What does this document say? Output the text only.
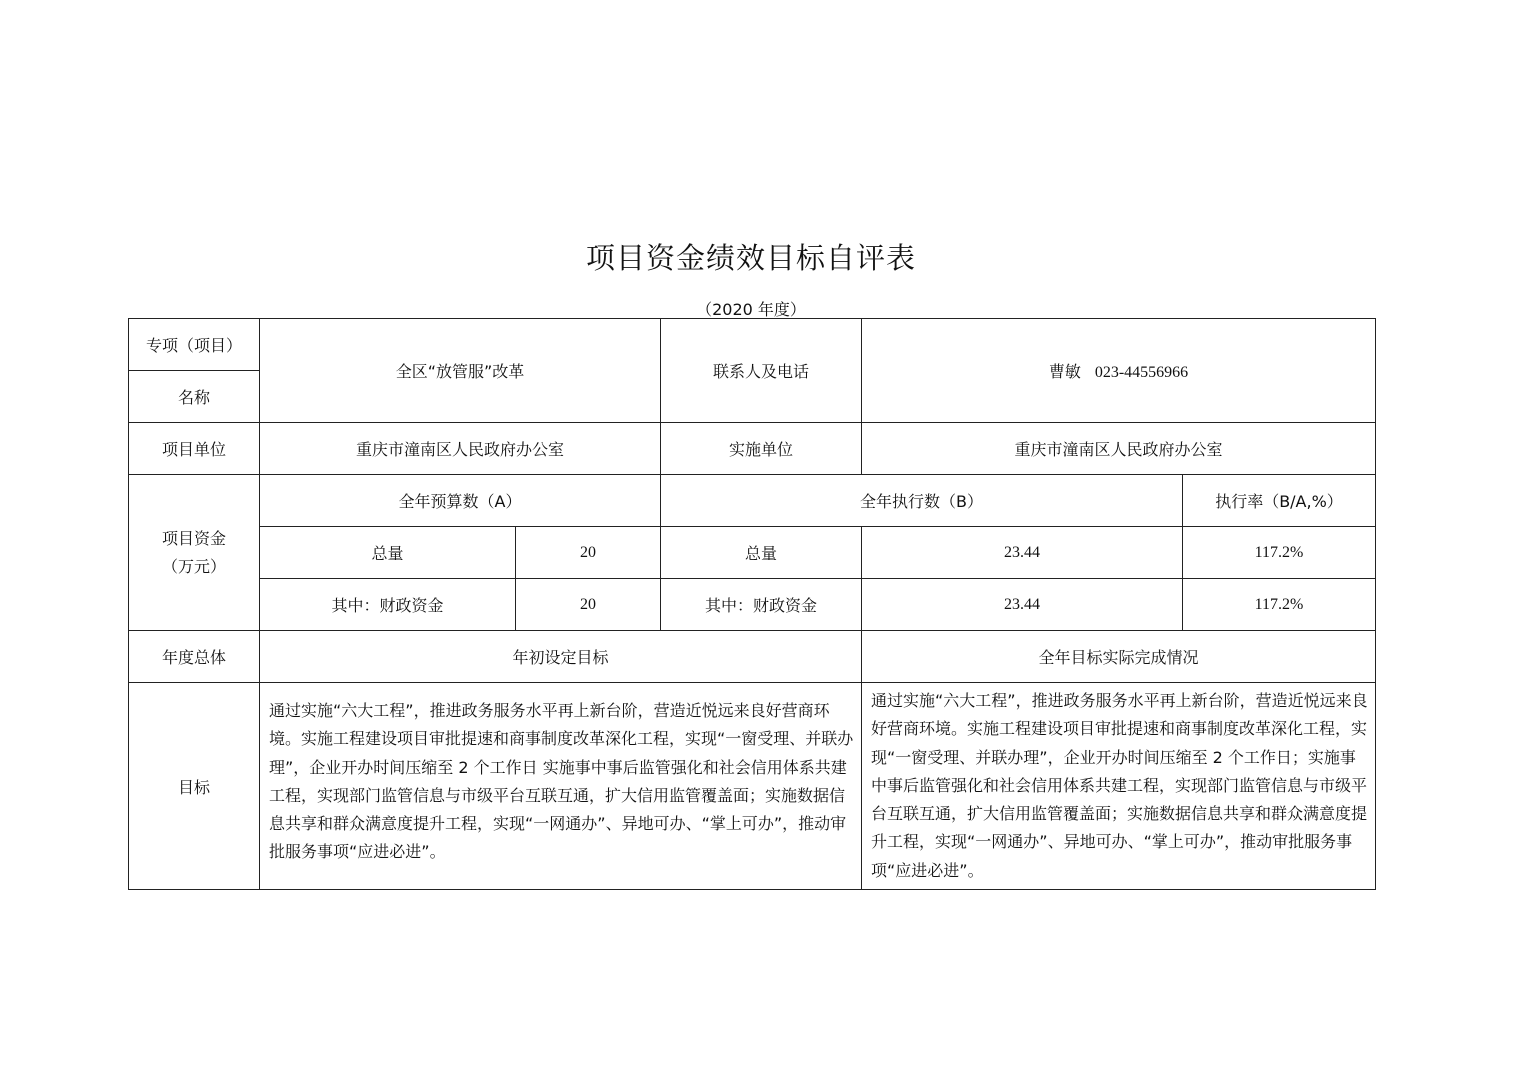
项目资金绩效目标自评表
（2020 年度）
专项（项目）	全区“放管服”改革		联系人及电话	曹敏 023-44556966	
名称					
项目单位	重庆市潼南区人民政府办公室		实施单位	重庆市潼南区人民政府办公室	
项目资金
（万元）	全年预算数（A）		全年执行数（B）		执行率（B/A,%）
	总量	20	总量	23.44	117.2%
	其中：财政资金	20	其中：财政资金	23.44	117.2%
年度总体	年初设定目标			全年目标实际完成情况	
目标	通过实施“六大工程”，推进政务服务水平再上新台阶，营造近悦远来良好营商环境。实施工程建设项目审批提速和商事制度改革深化工程，实现“一窗受理、并联办理”，企业开办时间压缩至 2 个工作日 实施事中事后监管强化和社会信用体系共建工程，实现部门监管信息与市级平台互联互通，扩大信用监管覆盖面；实施数据信息共享和群众满意度提升工程，实现“一网通办”、异地可办、“掌上可办”，推动审批服务事项“应进必进”。			通过实施“六大工程”，推进政务服务水平再上新台阶，营造近悦远来良好营商环境。实施工程建设项目审批提速和商事制度改革深化工程，实现“一窗受理、并联办理”，企业开办时间压缩至 2 个工作日；实施事中事后监管强化和社会信用体系共建工程，实现部门监管信息与市级平台互联互通，扩大信用监管覆盖面；实施数据信息共享和群众满意度提升工程，实现“一网通办”、异地可办、“掌上可办”，推动审批服务事项“应进必进”。	
